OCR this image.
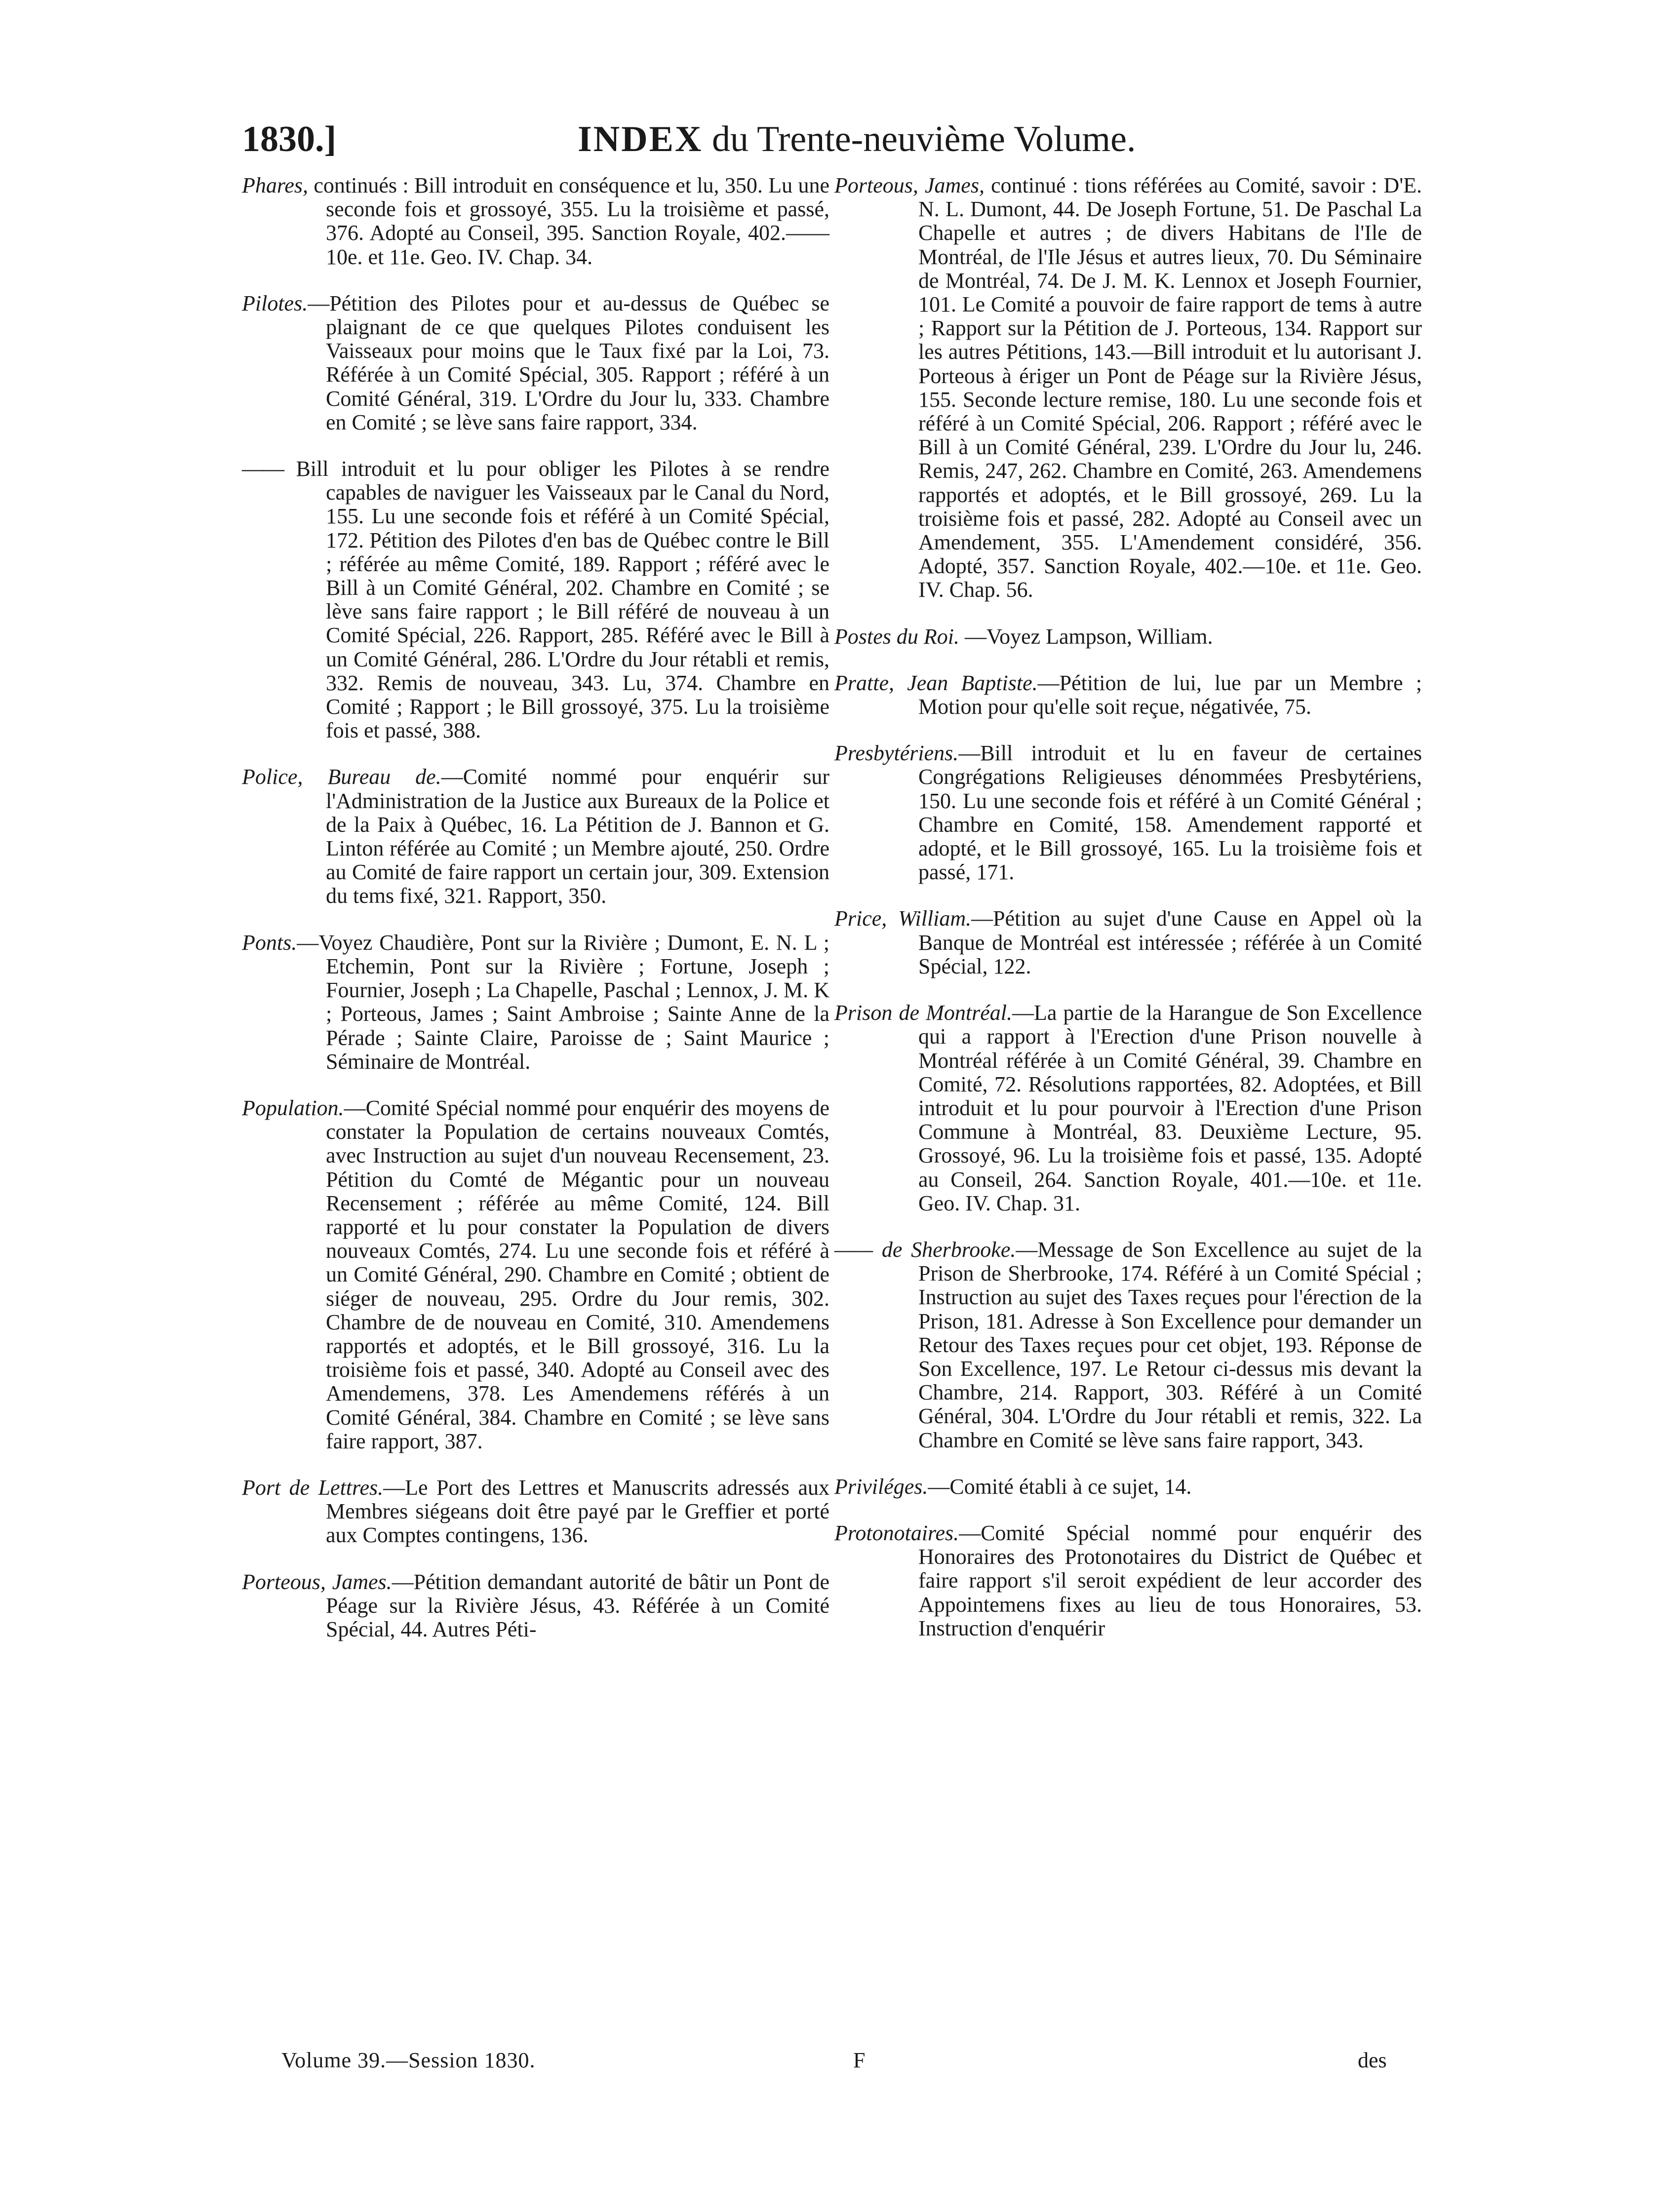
1830.]	INDEX du Trente-neuvième Volume.

Phares, continués : Bill introduit en conséquence et lu, 350. Lu une seconde fois et grossoyé, 355. Lu la troisième et passé, 376. Adopté au Conseil, 395. Sanction Royale, 402.——10e. et 11e. Geo. IV. Chap. 34.

Pilotes.—Pétition des Pilotes pour et au-dessus de Québec se plaignant de ce que quelques Pilotes conduisent les Vaisseaux pour moins que le Taux fixé par la Loi, 73. Référée à un Comité Spécial, 305. Rapport ; référé à un Comité Général, 319. L'Ordre du Jour lu, 333. Chambre en Comité ; se lève sans faire rapport, 334.

—— Bill introduit et lu pour obliger les Pilotes à se rendre capables de naviguer les Vaisseaux par le Canal du Nord, 155. Lu une seconde fois et référé à un Comité Spécial, 172. Pétition des Pilotes d'en bas de Québec contre le Bill ; référée au même Comité, 189. Rapport ; référé avec le Bill à un Comité Général, 202. Chambre en Comité ; se lève sans faire rapport ; le Bill référé de nouveau à un Comité Spécial, 226. Rapport, 285. Référé avec le Bill à un Comité Général, 286. L'Ordre du Jour rétabli et remis, 332. Remis de nouveau, 343. Lu, 374. Chambre en Comité ; Rapport ; le Bill grossoyé, 375. Lu la troisième fois et passé, 388.

Police, Bureau de.—Comité nommé pour enquérir sur l'Administration de la Justice aux Bureaux de la Police et de la Paix à Québec, 16. La Pétition de J. Bannon et G. Linton référée au Comité ; un Membre ajouté, 250. Ordre au Comité de faire rapport un certain jour, 309. Extension du tems fixé, 321. Rapport, 350.

Ponts.—Voyez Chaudière, Pont sur la Rivière ; Dumont, E. N. L ; Etchemin, Pont sur la Rivière ; Fortune, Joseph ; Fournier, Joseph ; La Chapelle, Paschal ; Lennox, J. M. K ; Porteous, James ; Saint Ambroise ; Sainte Anne de la Pérade ; Sainte Claire, Paroisse de ; Saint Maurice ; Séminaire de Montréal.

Population.—Comité Spécial nommé pour enquérir des moyens de constater la Population de certains nouveaux Comtés, avec Instruction au sujet d'un nouveau Recensement, 23. Pétition du Comté de Mégantic pour un nouveau Recensement ; référée au même Comité, 124. Bill rapporté et lu pour constater la Population de divers nouveaux Comtés, 274. Lu une seconde fois et référé à un Comité Général, 290. Chambre en Comité ; obtient de siéger de nouveau, 295. Ordre du Jour remis, 302. Chambre de de nouveau en Comité, 310. Amendemens rapportés et adoptés, et le Bill grossoyé, 316. Lu la troisième fois et passé, 340. Adopté au Conseil avec des Amendemens, 378. Les Amendemens référés à un Comité Général, 384. Chambre en Comité ; se lève sans faire rapport, 387.

Port de Lettres.—Le Port des Lettres et Manuscrits adressés aux Membres siégeans doit être payé par le Greffier et porté aux Comptes contingens, 136.

Porteous, James.—Pétition demandant autorité de bâtir un Pont de Péage sur la Rivière Jésus, 43. Référée à un Comité Spécial, 44. Autres Péti-

Porteous, James, continué : tions référées au Comité, savoir : D'E. N. L. Dumont, 44. De Joseph Fortune, 51. De Paschal La Chapelle et autres ; de divers Habitans de l'Ile de Montréal, de l'Ile Jésus et autres lieux, 70. Du Séminaire de Montréal, 74. De J. M. K. Lennox et Joseph Fournier, 101. Le Comité a pouvoir de faire rapport de tems à autre ; Rapport sur la Pétition de J. Porteous, 134. Rapport sur les autres Pétitions, 143.—Bill introduit et lu autorisant J. Porteous à ériger un Pont de Péage sur la Rivière Jésus, 155. Seconde lecture remise, 180. Lu une seconde fois et référé à un Comité Spécial, 206. Rapport ; référé avec le Bill à un Comité Général, 239. L'Ordre du Jour lu, 246. Remis, 247, 262. Chambre en Comité, 263. Amendemens rapportés et adoptés, et le Bill grossoyé, 269. Lu la troisième fois et passé, 282. Adopté au Conseil avec un Amendement, 355. L'Amendement considéré, 356. Adopté, 357. Sanction Royale, 402.—10e. et 11e. Geo. IV. Chap. 56.

Postes du Roi. —Voyez Lampson, William.

Pratte, Jean Baptiste.—Pétition de lui, lue par un Membre ; Motion pour qu'elle soit reçue, négativée, 75.

Presbytériens.—Bill introduit et lu en faveur de certaines Congrégations Religieuses dénommées Presbytériens, 150. Lu une seconde fois et référé à un Comité Général ; Chambre en Comité, 158. Amendement rapporté et adopté, et le Bill grossoyé, 165. Lu la troisième fois et passé, 171.

Price, William.—Pétition au sujet d'une Cause en Appel où la Banque de Montréal est intéressée ; référée à un Comité Spécial, 122.

Prison de Montréal.—La partie de la Harangue de Son Excellence qui a rapport à l'Erection d'une Prison nouvelle à Montréal référée à un Comité Général, 39. Chambre en Comité, 72. Résolutions rapportées, 82. Adoptées, et Bill introduit et lu pour pourvoir à l'Erection d'une Prison Commune à Montréal, 83. Deuxième Lecture, 95. Grossoyé, 96. Lu la troisième fois et passé, 135. Adopté au Conseil, 264. Sanction Royale, 401.—10e. et 11e. Geo. IV. Chap. 31.

—— de Sherbrooke.—Message de Son Excellence au sujet de la Prison de Sherbrooke, 174. Référé à un Comité Spécial ; Instruction au sujet des Taxes reçues pour l'érection de la Prison, 181. Adresse à Son Excellence pour demander un Retour des Taxes reçues pour cet objet, 193. Réponse de Son Excellence, 197. Le Retour ci-dessus mis devant la Chambre, 214. Rapport, 303. Référé à un Comité Général, 304. L'Ordre du Jour rétabli et remis, 322. La Chambre en Comité se lève sans faire rapport, 343.

Priviléges.—Comité établi à ce sujet, 14.

Protonotaires.—Comité Spécial nommé pour enquérir des Honoraires des Protonotaires du District de Québec et faire rapport s'il seroit expédient de leur accorder des Appointemens fixes au lieu de tous Honoraires, 53. Instruction d'enquérir

Volume 39.—Session 1830.	F	des
